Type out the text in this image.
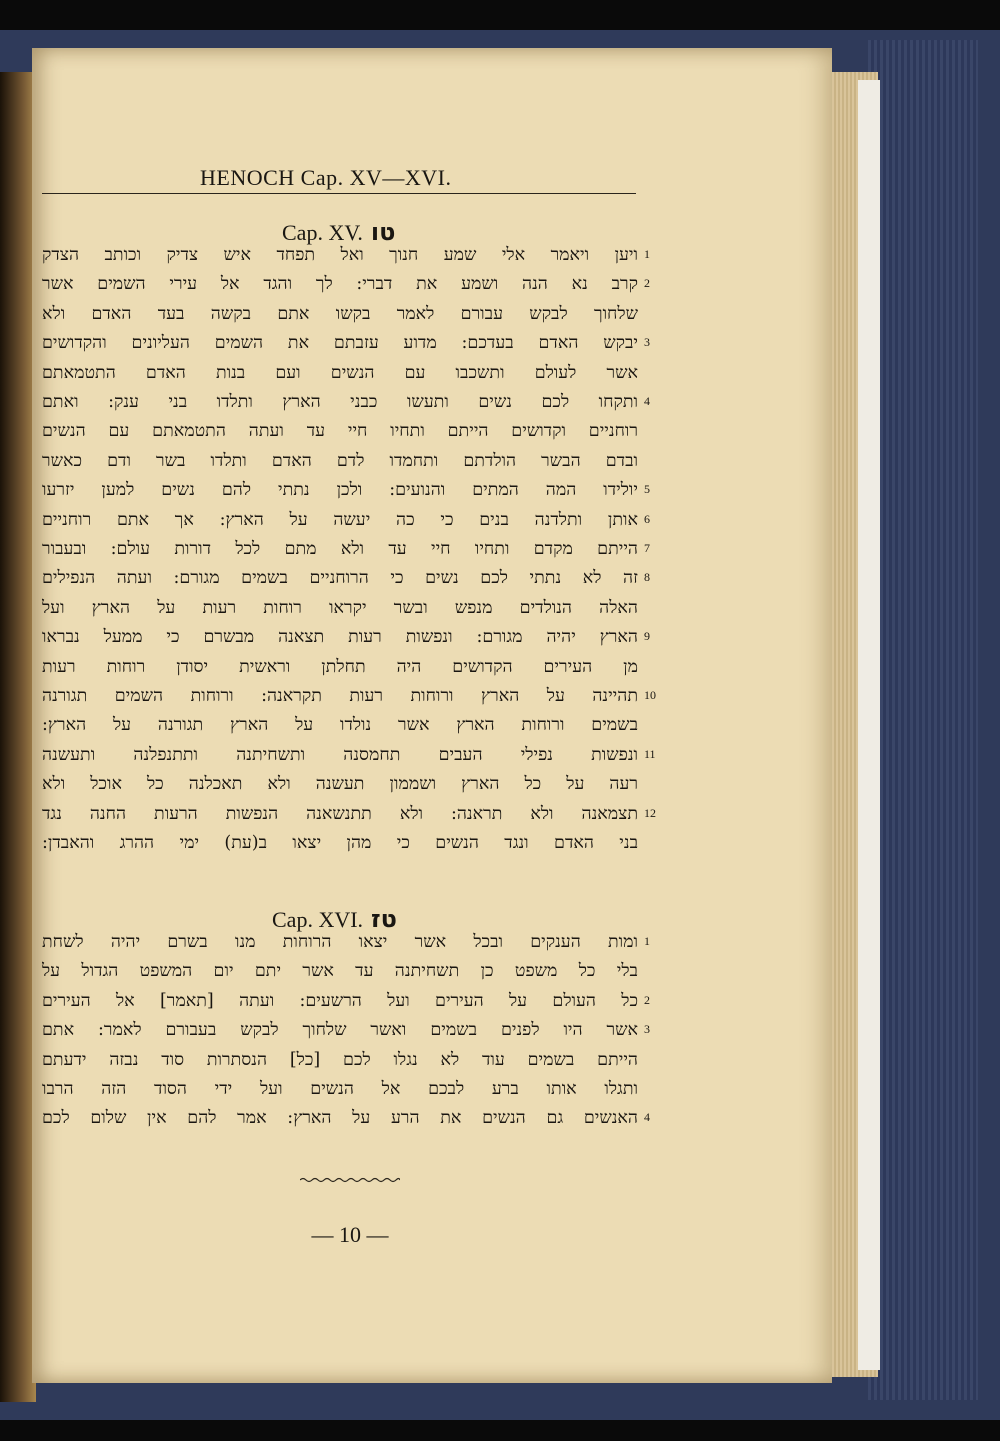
HENOCH Cap. XV—XVI.
Cap. XV. טו
ויען ויאמר אלי שמע חנוך ואל תפחד איש צדיק וכותב הצדק 1
קרב נא הנה ושמע את דברי: לך והגד אל עירי השמים אשר 2
שלחוך לבקש עבורם לאמר בקשו אתם בקשה בעד האדם ולא
יבקש האדם בעדכם: מדוע עזבתם את השמים העליונים והקדושים 3
אשר לעולם ותשכבו עם הנשים ועם בנות האדם התטמאתם
ותקחו לכם נשים ותעשו כבני הארץ ותלדו בני ענק: ואתם 4
רוחניים וקדושים הייתם ותחיו חיי עד ועתה התטמאתם עם הנשים
ובדם הבשר הולדתם ותחמדו לדם האדם ותלדו בשר ודם כאשר
יולידו המה המתים והנועים: ולכן נתתי להם נשים למען יזרעו 5
אותן ותלדנה בנים כי כה יעשה על הארץ: אך אתם רוחניים 6
הייתם מקדם ותחיו חיי עד ולא מתם לכל דורות עולם: ובעבור 7
זה לא נתתי לכם נשים כי הרוחניים בשמים מגורם: ועתה הנפילים 8
האלה הנולדים מנפש ובשר יקראו רוחות רעות על הארץ ועל
הארץ יהיה מגורם: ונפשות רעות תצאנה מבשרם כי ממעל נבראו 9
מן העירים הקדושים היה תחלתן וראשית יסודן רוחות רעות
תהיינה על הארץ ורוחות רעות תקראנה: ורוחות השמים תגורנה 10
בשמים ורוחות הארץ אשר נולדו על הארץ תגורנה על הארץ:
ונפשות נפילי העבים תחמסנה ותשחיתנה ותתנפלנה ותעשנה 11
רעה על כל הארץ ושממון תעשנה ולא תאכלנה כל אוכל ולא
תצמאנה ולא תראנה: ולא תתנשאנה הנפשות הרעות החנה נגד 12
בני האדם ונגד הנשים כי מהן יצאו ב(עת) ימי ההרג והאבדן:
Cap. XVI. טז
ומות הענקים ובכל אשר יצאו הרוחות מנו בשרם יהיה לשחת 1
בלי כל משפט כן תשחיתנה עד אשר יתם יום המשפט הגדול על
כל העולם על העירים ועל הרשעים: ועתה [תאמר] אל העירים 2
אשר היו לפנים בשמים ואשר שלחוך לבקש בעבורם לאמר: אתם 3
הייתם בשמים עוד לא נגלו לכם [כל] הנסתרות סוד נבזה ידעתם
ותגלו אותו ברע לבכם אל הנשים ועל ידי הסוד הזה הרבו
האנשים גם הנשים את הרע על הארץ: אמר להם אין שלום לכם 4
— 10 —
